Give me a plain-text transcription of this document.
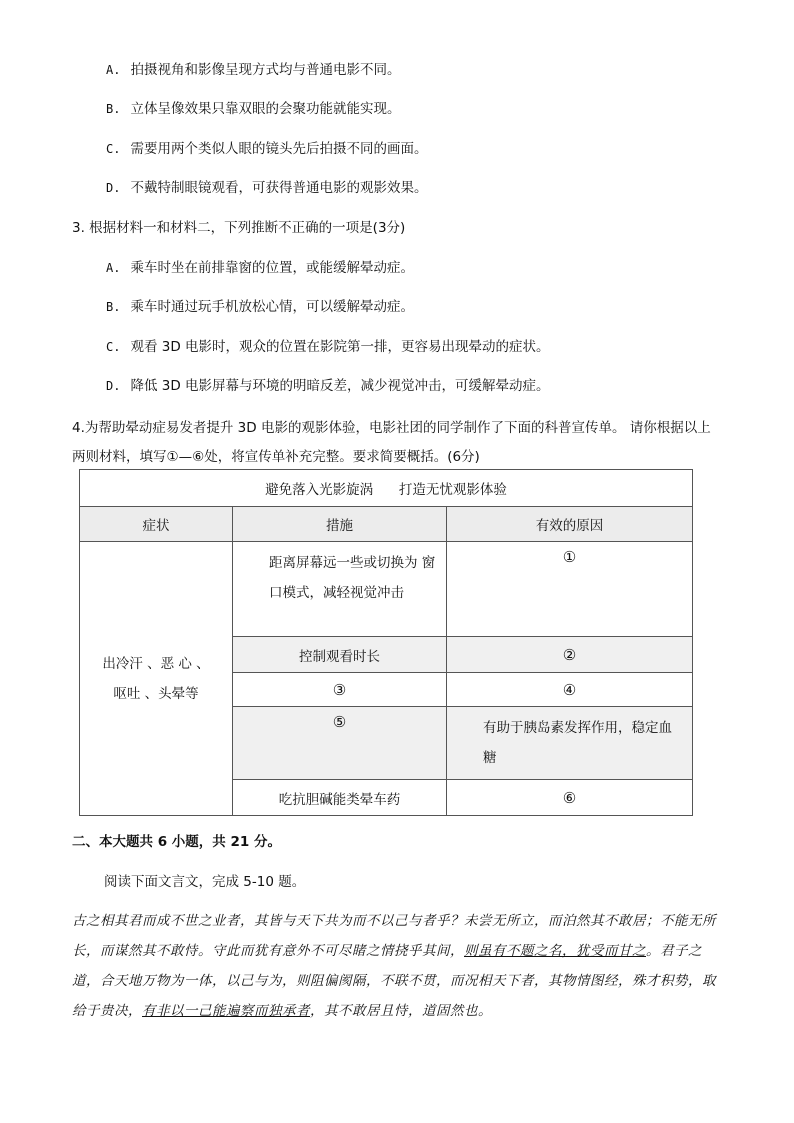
A. 拍摄视角和影像呈现方式均与普通电影不同。
B. 立体呈像效果只靠双眼的会聚功能就能实现。
C. 需要用两个类似人眼的镜头先后拍摄不同的画面。
D. 不戴特制眼镜观看，可获得普通电影的观影效果。
3. 根据材料一和材料二，下列推断不正确的一项是(3分)
A. 乘车时坐在前排靠窗的位置，或能缓解晕动症。
B. 乘车时通过玩手机放松心情，可以缓解晕动症。
C. 观看 3D 电影时，观众的位置在影院第一排，更容易出现晕动的症状。
D. 降低 3D 电影屏幕与环境的明暗反差，减少视觉冲击，可缓解晕动症。
4.为帮助晕动症易发者提升 3D 电影的观影体验，电影社团的同学制作了下面的科普宣传单。 请你根据以上两则材料，填写①—⑥处，将宣传单补充完整。要求简要概括。(6分)
避免落入光影旋涡      打造无忧观影体验		
症状	措施	有效的原因

出冷汗 、恶 心 、
呕吐 、头晕等	距离屏幕远一些或切换为 窗口模式，减轻视觉冲击	①
	控制观看时长	②
	③	④
	⑤	有助于胰岛素发挥作用，稳定血糖
	吃抗胆碱能类晕车药	⑥
二、本大题共 6 小题，共 21 分。
阅读下面文言文，完成 5-10 题。
古之相其君而成不世之业者，其皆与天下共为而不以己与者乎？未尝无所立，而泊然其不敢居；不能无所长，而谋然其不敢恃。守此而犹有意外不可尽睹之情挠乎其间，则虽有不题之名，犹受而甘之。君子之道，合天地万物为一体，以己与为，则阻偏阂隔，不联不贯，而况相天下者，其物情图经，殊才积势，取给于贵决，有非以一己能遍察而独承者，其不敢居且恃，道固然也。
